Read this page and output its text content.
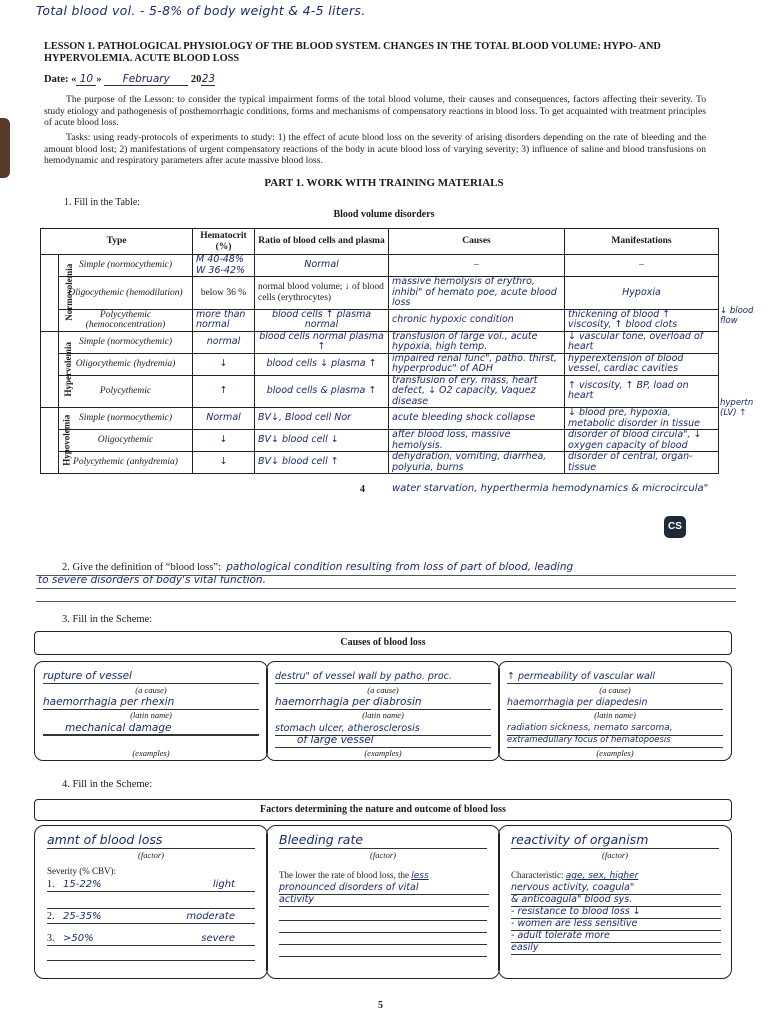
Total blood vol. - 5-8% of body weight & 4-5 liters.
LESSON 1. PATHOLOGICAL PHYSIOLOGY OF THE BLOOD SYSTEM. CHANGES IN THE TOTAL BLOOD VOLUME: HYPO- AND HYPERVOLEMIA. ACUTE BLOOD LOSS
Date: « 10 » February 2023
The purpose of the Lesson: to consider the typical impairment forms of the total blood volume, their causes and consequences, factors affecting their severity. To study etiology and pathogenesis of posthemorrhagic conditions, forms and mechanisms of compensatory reactions in blood loss. To get acquainted with treatment principles of acute blood loss.
Tasks: using ready-protocols of experiments to study: 1) the effect of acute blood loss on the severity of arising disorders depending on the rate of bleeding and the amount blood lost; 2) manifestations of urgent compensatory reactions of the body in acute blood loss of varying severity; 3) influence of saline and blood transfusions on hemodynamic and respiratory parameters after acute massive blood loss.
PART 1. WORK WITH TRAINING MATERIALS
1. Fill in the Table:
Blood volume disorders
Type		Hematocrit (%)	Ratio of blood cells and plasma	Causes	Manifestations
Normovolemia	Simple (normocythemic)	M 40-48% W 36-42%	Normal	–	–
	Oligocythemic (hemodilution)	below 36 %	normal blood volume; ↓ of blood cells (erythrocytes)	massive hemolysis of erythro, inhibi" of hemato poe, acute blood loss	Hypoxia
	Polycythemic (hemoconcentration)	more than normal	blood cells ↑ plasma normal	chronic hypoxic condition	thickening of blood ↑ viscosity, ↑ blood clots
Hypervolemia	Simple (normocythemic)	normal	blood cells normal plasma ↑	transfusion of large vol., acute hypoxia, high temp.	↓ vascular tone, overload of heart
	Oligocythemic (hydremia)	↓	blood cells ↓ plasma ↑	impaired renal func", patho. thirst, hyperproduc" of ADH	hyperextension of blood vessel, cardiac cavities
	Polycythemic	↑	blood cells & plasma ↑	transfusion of ery. mass, heart defect, ↓ O2 capacity, Vaquez disease	↑ viscosity, ↑ BP, load on heart
Hypovolemia	Simple (normocythemic)	Normal	BV↓, Blood cell Nor	acute bleeding shock collapse	↓ blood pre, hypoxia, metabolic disorder in tissue
	Oligocythemic	↓	BV↓ blood cell ↓	after blood loss, massive hemolysis.	disorder of blood circula", ↓ oxygen capacity of blood
	Polycythemic (anhydremia)	↓	BV↓ blood cell ↑	dehydration, vomiting, diarrhea, polyuria, burns	disorder of central, organ-tissue
↓ blood flow
hypertn (LV) ↑
4	water starvation, hyperthermia hemodynamics & microcircula"
CS
2. Give the definition of “blood loss”: pathological condition resulting from loss of part of blood, leading
to severe disorders of body's vital function.
3. Fill in the Scheme:
Causes of blood loss
rupture of vessel
(a cause)
haemorrhagia per rhexin
(latin name)
mechanical damage
(examples)
destru" of vessel wall by patho. proc.
(a cause)
haemorrhagia per diabrosin
(latin name)
stomach ulcer, atherosclerosis
of large vessel
(examples)
↑ permeability of vascular wall
(a cause)
haemorrhagia per diapedesin
(latin name)
radiation sickness, nemato sarcoma,
extramedullary focus of hematopoesis
(examples)
4. Fill in the Scheme:
Factors determining the nature and outcome of blood loss
amnt of blood loss
(factor)
Severity (% CBV):
1. 15-22%	light
2. 25-35%	moderate
3. >50%	severe
Bleeding rate
(factor)
The lower the rate of blood loss, the less
pronounced disorders of vital
activity
reactivity of organism
(factor)
Characteristic: age, sex, higher
nervous activity, coagula"
& anticoagula" blood sys.
- resistance to blood loss ↓
- women are less sensitive
- adult tolerate more
easily
5
